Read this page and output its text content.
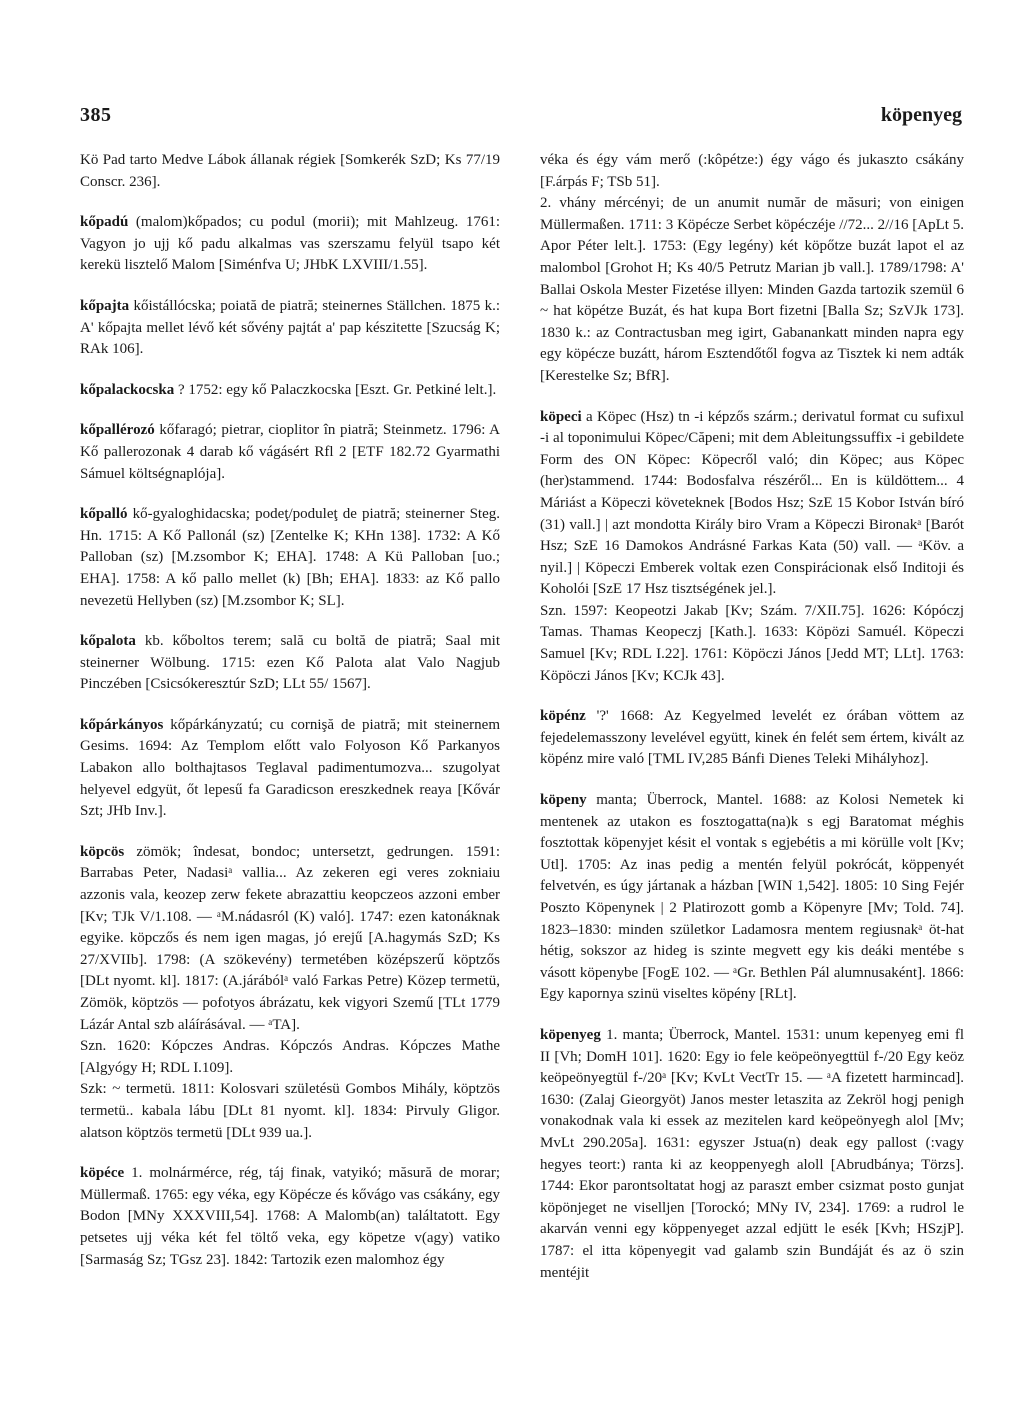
385	köpenyeg

Kö Pad tarto Medve Lábok állanak régiek [Somkerék SzD; Ks 77/19 Conscr. 236].

kőpadú (malom)kőpados; cu podul (morii); mit Mahlzeug. 1761: Vagyon jo ujj kő padu alkalmas vas szerszamu felyül tsapo két kerekü lisztelő Malom [Siménfva U; JHbK LXVIII/1.55].

kőpajta kőistállócska; poiată de piatră; steinernes Ställchen. 1875 k.: A' kőpajta mellet lévő két sővény pajtát a' pap készitette [Szucság K; RAk 106].

kőpalackocska ? 1752: egy kő Palaczkocska [Eszt. Gr. Petkiné lelt.].

kőpallérozó kőfaragó; pietrar, cioplitor în piatră; Steinmetz. 1796: A Kő pallerozonak 4 darab kő vágásért Rfl 2 [ETF 182.72 Gyarmathi Sámuel költségnaplója].

kőpalló kő-gyaloghidacska; podeţ/poduleţ de piatră; steinerner Steg. Hn. 1715: A Kő Pallonál (sz) [Zentelke K; KHn 138]. 1732: A Kő Palloban (sz) [M.zsombor K; EHA]. 1748: A Kü Palloban [uo.; EHA]. 1758: A kő pallo mellet (k) [Bh; EHA]. 1833: az Kő pallo nevezetü Hellyben (sz) [M.zsombor K; SL].

kőpalota kb. kőboltos terem; sală cu boltă de piatră; Saal mit steinerner Wölbung. 1715: ezen Kő Palota alat Valo Nagjub Pinczében [Csicsókeresztúr SzD; LLt 55/ 1567].

kőpárkányos kőpárkányzatú; cu cornişă de piatră; mit steinernem Gesims. 1694: Az Templom előtt valo Folyoson Kő Parkanyos Labakon allo bolthajtasos Teglaval padimentumozva... szugolyat helyevel edgyüt, őt lepesű fa Garadicson ereszkednek reaya [Kővár Szt; JHb Inv.].

köpcös zömök; îndesat, bondoc; untersetzt, gedrungen. 1591: Barrabas Peter, Nadasiᵃ vallia... Az zekeren egi veres zokniaiu azzonis vala, keozep zerw fekete abrazattiu keopczeos azzoni ember [Kv; TJk V/1.108. — ᵃM.nádasról (K) való]. 1747: ezen katonáknak egyike. köpczős és nem igen magas, jó erejű [A.hagymás SzD; Ks 27/XVIIb]. 1798: (A szökevény) termetében középszerű köptzős [DLt nyomt. kl]. 1817: (A.járábólᵃ való Farkas Petre) Közep termetü, Zömök, köptzös — pofotyos ábrázatu, kek vigyori Szemű [TLt 1779 Lázár Antal szb aláírásával. — ᵃTA].

Szn. 1620: Kópczes Andras. Kópczós Andras. Kópczes Mathe [Algyógy H; RDL I.109].

Szk: ~ termetü. 1811: Kolosvari születésü Gombos Mihály, köptzös termetü.. kabala lábu [DLt 81 nyomt. kl]. 1834: Pirvuly Gligor. alatson köptzös termetü [DLt 939 ua.].

köpéce 1. molnármérce, rég, táj finak, vatyikó; măsură de morar; Müllermaß. 1765: egy véka, egy Köpécze és kővágo vas csákány, egy Bodon [MNy XXXVIII,54]. 1768: A Malomb(an) találtatott. Egy petsetes ujj véka két fel töltő veka, egy köpetze v(agy) vatiko [Sarmaság Sz; TGsz 23]. 1842: Tartozik ezen malomhoz égy

véka és égy vám merő (:kôpétze:) égy vágo és jukaszto csákány [F.árpás F; TSb 51].

2. vhány mércényi; de un anumit număr de măsuri; von einigen Müllermaßen. 1711: 3 Köpécze Serbet köpéczéje //72... 2//16 [ApLt 5. Apor Péter lelt.]. 1753: (Egy legény) két köpőtze buzát lapot el az malombol [Grohot H; Ks 40/5 Petrutz Marian jb vall.]. 1789/1798: A' Ballai Oskola Mester Fizetése illyen: Minden Gazda tartozik szemül 6 ~ hat köpétze Buzát, és hat kupa Bort fizetni [Balla Sz; SzVJk 173]. 1830 k.: az Contractusban meg igirt, Gabanankatt minden napra egy egy köpécze buzátt, három Esztendőtől fogva az Tisztek ki nem adták [Kerestelke Sz; BfR].

köpeci a Köpec (Hsz) tn -i képzős szárm.; derivatul format cu sufixul -i al toponimului Köpec/Căpeni; mit dem Ableitungssuffix -i gebildete Form des ON Köpec: Köpecről való; din Köpec; aus Köpec (her)stammend. 1744: Bodosfalva részéről... En is küldöttem... 4 Máriást a Köpeczi követeknek [Bodos Hsz; SzE 15 Kobor István bíró (31) vall.] | azt mondotta Király biro Vram a Köpeczi Bironakᵃ [Barót Hsz; SzE 16 Damokos Andrásné Farkas Kata (50) vall. — ᵃKöv. a nyil.] | Köpeczi Emberek voltak ezen Conspirácionak első Inditoji és Koholói [SzE 17 Hsz tisztségének jel.].

Szn. 1597: Keopeotzi Jakab [Kv; Szám. 7/XII.75]. 1626: Kópóczj Tamas. Thamas Keopeczj [Kath.]. 1633: Köpözi Samuél. Köpeczi Samuel [Kv; RDL I.22]. 1761: Köpöczi János [Jedd MT; LLt]. 1763: Köpöczi János [Kv; KCJk 43].

köpénz '?' 1668: Az Kegyelmed levelét ez órában vöttem az fejedelemasszony levelével együtt, kinek én felét sem értem, kivált az köpénz mire való [TML IV,285 Bánfi Dienes Teleki Mihályhoz].

köpeny manta; Überrock, Mantel. 1688: az Kolosi Nemetek ki mentenek az utakon es fosztogatta(na)k s egj Baratomat méghis fosztottak köpenyjet késit el vontak s egjebétis a mi körülle volt [Kv; Utl]. 1705: Az inas pedig a mentén felyül pokrócát, köppenyét felvetvén, es úgy jártanak a házban [WIN 1,542]. 1805: 10 Sing Fejér Poszto Köpenynek | 2 Platirozott gomb a Köpenyre [Mv; Told. 74]. 1823–1830: minden születkor Ladamosra mentem regiusnakᵃ öt-hat hétig, sokszor az hideg is szinte megvett egy kis deáki mentébe s vásott köpenybe [FogE 102. — ᵃGr. Bethlen Pál alumnusaként]. 1866: Egy kapornya szinü viseltes köpény [RLt].

köpenyeg 1. manta; Überrock, Mantel. 1531: unum kepenyeg emi fl II [Vh; DomH 101]. 1620: Egy io fele keöpeönyegttül f-/20 Egy keöz keöpeönyegtül f-/20ᵃ [Kv; KvLt VectTr 15. — ᵃA fizetett harmincad]. 1630: (Zalaj Gieorgyöt) Janos mester letaszita az Zekröl hogj penigh vonakodnak vala ki essek az mezitelen kard keöpeönyegh alol [Mv; MvLt 290.205a]. 1631: egyszer Jstua(n) deak egy pallost (:vagy hegyes teort:) ranta ki az keoppenyegh aloll [Abrudbánya; Törzs]. 1744: Ekor parontsoltatat hogj az paraszt ember csizmat posto gunjat köpönjeget ne viselljen [Torockó; MNy IV, 234]. 1769: a rudrol le akarván venni egy köppenyeget azzal edjütt le esék [Kvh; HSzjP]. 1787: el itta köpenyegit vad galamb szin Bundáját és az ö szin mentéjit
